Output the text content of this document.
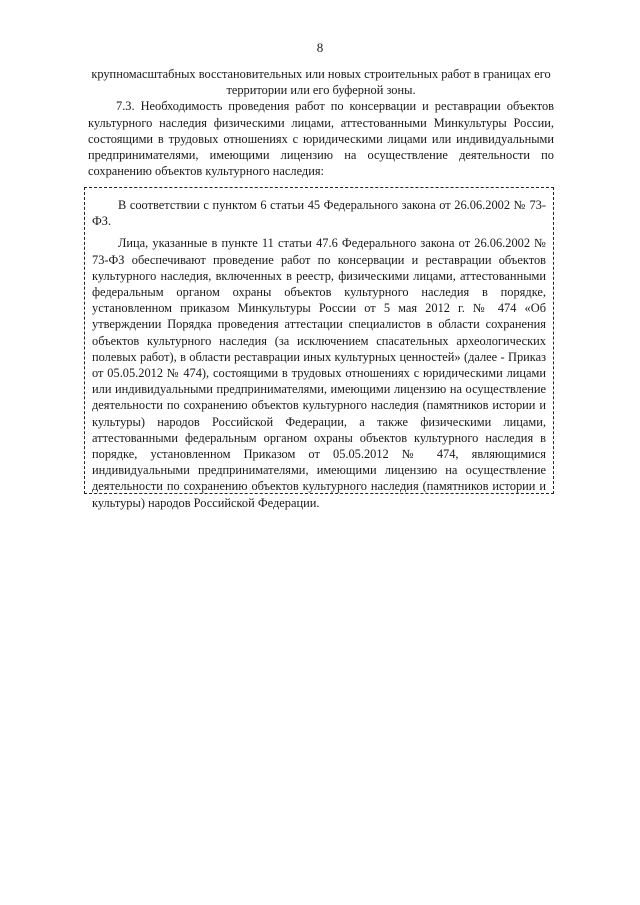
8

крупномасштабных восстановительных или новых строительных работ в границах его территории или его буферной зоны.

7.3. Необходимость проведения работ по консервации и реставрации объектов культурного наследия физическими лицами, аттестованными Минкультуры России, состоящими в трудовых отношениях с юридическими лицами или индивидуальными предпринимателями, имеющими лицензию на осуществление деятельности по сохранению объектов культурного наследия:

В соответствии с пунктом 6 статьи 45 Федерального закона от 26.06.2002 № 73-ФЗ.

Лица, указанные в пункте 11 статьи 47.6 Федерального закона от 26.06.2002 № 73-ФЗ обеспечивают проведение работ по консервации и реставрации объектов культурного наследия, включенных в реестр, физическими лицами, аттестованными федеральным органом охраны объектов культурного наследия в порядке, установленном приказом Минкультуры России от 5 мая 2012 г. № 474 «Об утверждении Порядка проведения аттестации специалистов в области сохранения объектов культурного наследия (за исключением спасательных археологических полевых работ), в области реставрации иных культурных ценностей» (далее - Приказ от 05.05.2012 № 474), состоящими в трудовых отношениях с юридическими лицами или индивидуальными предпринимателями, имеющими лицензию на осуществление деятельности по сохранению объектов культурного наследия (памятников истории и культуры) народов Российской Федерации, а также физическими лицами, аттестованными федеральным органом охраны объектов культурного наследия в порядке, установленном Приказом от 05.05.2012 № 474, являющимися индивидуальными предпринимателями, имеющими лицензию на осуществление деятельности по сохранению объектов культурного наследия (памятников истории и культуры) народов Российской Федерации.
